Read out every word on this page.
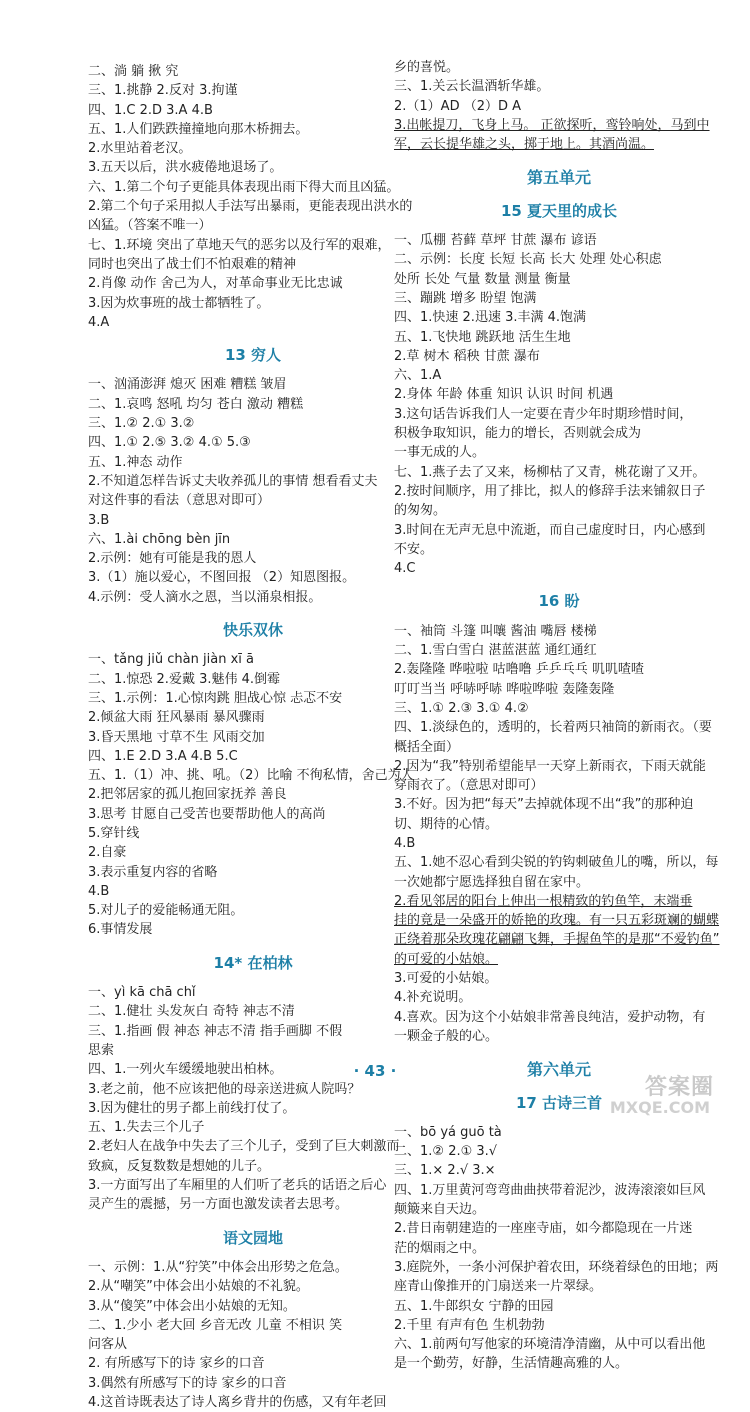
二、淌 躺 揪 究
三、1.挑静 2.反对 3.拘谨
四、1.C 2.D 3.A 4.B
五、1.人们跌跌撞撞地向那木桥拥去。
2.水里站着老汉。
3.五天以后，洪水疲倦地退场了。
六、1.第二个句子更能具体表现出雨下得大而且凶猛。
2.第二个句子采用拟人手法写出暴雨，更能表现出洪水的
凶猛。（答案不唯一）
七、1.环境 突出了草地天气的恶劣以及行军的艰难，
同时也突出了战士们不怕艰难的精神
2.肖像 动作 舍己为人，对革命事业无比忠诚
3.因为炊事班的战士都牺牲了。
4.A
13 穷人
一、汹涌澎湃 熄灭 困难 糟糕 皱眉
二、1.哀鸣 怒吼 均匀 苍白 激动 糟糕
三、1.② 2.① 3.②
四、1.① 2.⑤ 3.② 4.① 5.③
五、1.神态 动作
2.不知道怎样告诉丈夫收养孤儿的事情 想看看丈夫
对这件事的看法（意思对即可）
3.B
六、1.ài chōng bèn jīn
2.示例：她有可能是我的恩人
3.（1）施以爱心，不图回报 （2）知恩图报。
4.示例：受人滴水之恩，当以涌泉相报。
快乐双休
一、tǎng jiǔ chàn jiàn xī ā
二、1.惊恐 2.爱戴 3.魅伟 4.倒霉
三、1.示例：1.心惊肉跳 胆战心惊 忐忑不安
2.倾盆大雨 狂风暴雨 暴风骤雨
3.昏天黑地 寸草不生 风雨交加
四、1.E 2.D 3.A 4.B 5.C
五、1.（1）冲、挑、吼。（2）比喻 不徇私情，舍己为人
2.把邻居家的孤儿抱回家抚养 善良
3.思考 甘愿自己受苦也要帮助他人的高尚
5.穿针线
2.自豪
3.表示重复内容的省略
4.B
5.对儿子的爱能畅通无阻。
6.事情发展
14* 在柏林
一、yì kā chā chǐ
二、1.健壮 头发灰白 奇特 神志不清
三、1.指画 假 神态 神志不清 指手画脚 不假
思索
四、1.一列火车缓缓地驶出柏林。
3.老之前，他不应该把他的母亲送进疯人院吗？
3.因为健壮的男子都上前线打仗了。
五、1.失去三个儿子
2.老妇人在战争中失去了三个儿子，受到了巨大刺激而
致疯，反复数数是想她的儿子。
3.一方面写出了车厢里的人们听了老兵的话语之后心
灵产生的震撼，另一方面也激发读者去思考。
语文园地
一、示例：1.从“狞笑”中体会出形势之危急。
2.从“嘲笑”中体会出小姑娘的不礼貌。
3.从“傻笑”中体会出小姑娘的无知。
二、1.少小 老大回 乡音无改 儿童 不相识 笑
问客从
2. 有所感写下的诗 家乡的口音
3.偶然有所感写下的诗 家乡的口音
4.这首诗既表达了诗人离乡背井的伤感，又有年老回
乡的喜悦。
三、1.关云长温酒斩华雄。
2.（1）AD （2）D A
3.出帐提刀，飞身上马。 正欲探听，鸾铃响处，马到中
军，云长提华雄之头，掷于地上。其酒尚温。
第五单元
15 夏天里的成长
一、瓜棚 苔藓 草坪 甘蔗 瀑布 谚语
二、示例：长度 长短 长高 长大 处理 处心积虑
处所 长处 气量 数量 测量 衡量
三、蹦跳 增多 盼望 饱满
四、1.快速 2.迅速 3.丰满 4.饱满
五、1.飞快地 跳跃地 活生生地
2.草 树木 稻秧 甘蔗 瀑布
六、1.A
2.身体 年龄 体重 知识 认识 时间 机遇
3.这句话告诉我们人一定要在青少年时期珍惜时间，
积极争取知识，能力的增长，否则就会成为
一事无成的人。
七、1.燕子去了又来，杨柳枯了又青，桃花谢了又开。
2.按时间顺序，用了排比，拟人的修辞手法来铺叙日子
的匆匆。
3.时间在无声无息中流逝，而自己虚度时日，内心感到
不安。
4.C
16 盼
一、袖筒 斗篷 叫嚷 酱油 嘴唇 楼梯
二、1.雪白雪白 湛蓝湛蓝 通红通红
2.轰隆隆 哗啦啦 咕噜噜 乒乒乓乓 叽叽喳喳
叮叮当当 呼哧呼哧 哗啦哗啦 轰隆轰隆
三、1.① 2.③ 3.① 4.②
四、1.淡绿色的，透明的，长着两只袖筒的新雨衣。（要
概括全面）
2.因为“我”特别希望能早一天穿上新雨衣，下雨天就能
穿雨衣了。（意思对即可）
3.不好。因为把“每天”去掉就体现不出“我”的那种迫
切、期待的心情。
4.B
五、1.她不忍心看到尖锐的钓钩刺破鱼儿的嘴，所以，每
一次她都宁愿选择独自留在家中。
2.看见邻居的阳台上伸出一根精致的钓鱼竿，末端垂
挂的竟是一朵盛开的娇艳的玫瑰。有一只五彩斑斓的蝴蝶
正绕着那朵玫瑰花翩翩飞舞，手握鱼竿的是那“不爱钓鱼”
的可爱的小姑娘。
3.可爱的小姑娘。
4.补充说明。
4.喜欢。因为这个小姑娘非常善良纯洁，爱护动物，有
一颗金子般的心。
第六单元
17 古诗三首
一、bō yá guō tà
二、1.② 2.① 3.√
三、1.× 2.√ 3.×
四、1.万里黄河弯弯曲曲挟带着泥沙，波涛滚滚如巨风
颠簸来自天边。
2.昔日南朝建造的一座座寺庙，如今都隐现在一片迷
茫的烟雨之中。
3.庭院外，一条小河保护着农田，环绕着绿色的田地；两
座青山像推开的门扇送来一片翠绿。
五、1.牛郎织女 宁静的田园
2.千里 有声有色 生机勃勃
六、1.前两句写他家的环境清净清幽，从中可以看出他
是一个勤劳，好静，生活情趣高雅的人。
· 43 ·
答案圈
MXQE.COM
